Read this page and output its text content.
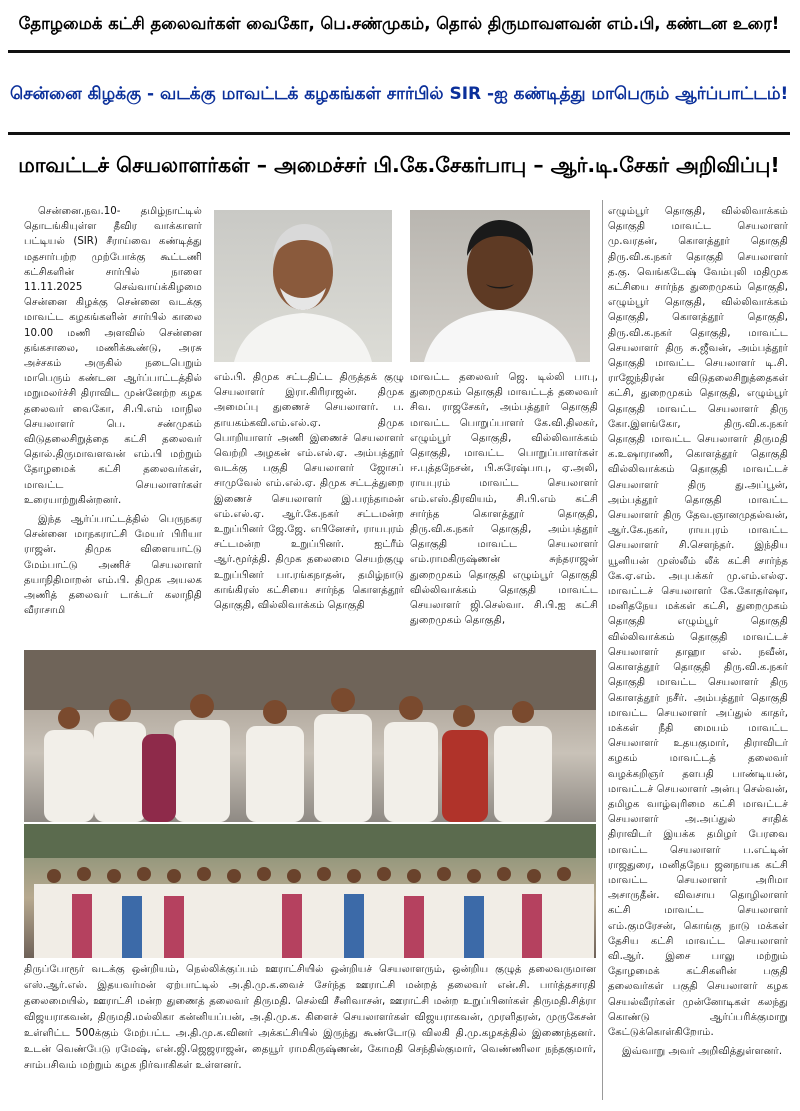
தோழமைக் கட்சி தலைவர்கள் வைகோ, பெ.சண்முகம், தொல் திருமாவளவன் எம்.பி, கண்டன உரை!
சென்னை கிழக்கு - வடக்கு மாவட்டக் கழகங்கள் சார்பில் SIR -ஐ கண்டித்து மாபெரும் ஆர்ப்பாட்டம்!
மாவட்டச் செயலாளர்கள் – அமைச்சர் பி.கே.சேகர்பாபு – ஆர்.டி.சேகர் அறிவிப்பு!

சென்னை.நவ.10- தமிழ்நாட்டில் தொடங்கியுள்ள தீவிர வாக்காளர் பட்டியல் (SIR) சீராய்வை கண்டித்து மதசார்பற்ற முற்போக்கு கூட்டணி கட்சிகளின் சார்பில் நாளை 11.11.2025 செவ்வாய்க்கிழமை சென்னை கிழக்கு சென்னை வடக்கு மாவட்ட கழகங்களின் சார்பில் காலை 10.00 மணி அளவில் சென்னை தங்கசாலை, மணிக்கூண்டு, அரசு அச்சகம் அருகில் நடைபெறும் மாபெரும் கண்டன ஆர்ப்பாட்டத்தில் மறுமலர்ச்சி திராவிட முன்னேற்ற கழக தலைவர் வைகோ, சி.பி.எம் மாநில செயலாளர் பெ. சண்முகம் விடுதலைசிறுத்தை கட்சி தலைவர் தொல்.திருமாவளவன் எம்.பி மற்றும் தோழமைக் கட்சி தலைவர்கள், மாவட்ட செயலாளர்கள் உரையாற்றுகின்றனர்.

இந்த ஆர்ப்பாட்டத்தில் பெருநகர சென்னை மாநகராட்சி மேயர் பிரியா ராஜன். திமுக விளையாட்டு மேம்பாட்டு அணிச் செயலாளர் தயாநிதிமாறன் எம்.பி. திமுக அயலக அணித் தலைவர் டாக்டர் கலாநிதி வீராசாமி

எம்.பி. திமுக சட்டதிட்ட திருத்தக் குழு செயலாளர் இரா.கிரிராஜன். திமுக அமைப்பு துணைச் செயலாளர். ப. தாயகம்கவி.எம்.எல்.ஏ. திமுக பொறியாளர் அணி இணைச் செயலாளர் வெற்றி அழகன் எம்.எல்.ஏ. அம்பத்தூர் வடக்கு பகுதி செயலாளர் ஜோசப் சாமுவேல் எம்.எல்.ஏ. திமுக சட்டத்துறை இணைச் செயலாளர் இ.பரந்தாமன் எம்.எல்.ஏ. ஆர்.கே.நகர் சட்டமன்ற உறுப்பினர் ஜே.ஜே. எபினேசர், ராயபுரம் சட்டமன்ற உறுப்பினர். ஐட்ரீம் ஆர்.மூர்த்தி. திமுக தலைமை செயற்குழு உறுப்பினர் பா.ரங்கநாதன், தமிழ்நாடு காங்கிரஸ் கட்சியை சார்ந்த கொளத்தூர் தொகுதி, வில்லிவாக்கம் தொகுதி

மாவட்ட தலைவர் ஜெ. டில்லி பாபு, துறைமுகம் தொகுதி மாவட்டத் தலைவர் சிவ. ராஜசேகர், அம்பத்தூர் தொகுதி மாவட்ட பொறுப்பாளர் கே.வி.திலகர், எழும்பூர் தொகுதி, வில்லிவாக்கம் தொகுதி, மாவட்ட பொறுப்பாளர்கள் ஈ.புத்தநேசன், பி.சுரேஷ்பாபு, ஏ.அலி, ராயபுரம் மாவட்ட செயலாளர் எம்.எஸ்.திரவியம், சி.பி.எம் கட்சி சார்ந்த கொளத்தூர் தொகுதி, திரு.வி.க.நகர் தொகுதி, அம்பத்தூர் தொகுதி மாவட்ட செயலாளர் எம்.ராமகிருஷ்ணன் சுந்தராஜன் துறைமுகம் தொகுதி எழும்பூர் தொகுதி வில்லிவாக்கம் தொகுதி மாவட்ட செயலாளர் ஜி.செல்வா. சி.பி.ஐ கட்சி துறைமுகம் தொகுதி,

எழும்பூர் தொகுதி, வில்லிவாக்கம் தொகுதி மாவட்ட செயலாளர் மு.வரதன், கொளத்தூர் தொகுதி திரு.வி.க.நகர் தொகுதி செயலாளர் த.கு. வெங்கடேஷ் வேம்புலி மதிமுக கட்சியை சார்ந்த துறைமுகம் தொகுதி, எழும்பூர் தொகுதி, வில்லிவாக்கம் தொகுதி, கொளத்தூர் தொகுதி, திரு.வி.க.நகர் தொகுதி, மாவட்ட செயலாளர் திரு சு.ஜீவன், அம்பத்தூர் தொகுதி மாவட்ட செயலாளர் டி.சி. ராஜேந்திரன் விடுதலைசிறுத்தைகள் கட்சி, துறைமுகம் தொகுதி, எழும்பூர் தொகுதி மாவட்ட செயலாளர் திரு கோ.இளங்கோ, திரு.வி.க.நகர் தொகுதி மாவட்ட செயலாளர் திருமதி க.உஷாராணி, கொளத்தூர் தொகுதி வில்லிவாக்கம் தொகுதி மாவட்டச் செயலாளர் திரு து.அப்பூன், அம்பத்தூர் தொகுதி மாவட்ட செயலாளர் திரு தேவ.ஞானமுதல்வன், ஆர்.கே.நகர், ராயபுரம் மாவட்ட செயலாளர் சி.சௌந்தர். இந்திய யூனியன் முஸ்லீம் லீக் கட்சி சார்ந்த கே.ஏ.எம். அபுபக்கர் மு.எம்.எல்ஏ. மாவட்டச் செயலாளர் கே.கோதர்ஷா, மனிதநேய மக்கள் கட்சி, துறைமுகம் தொகுதி எழும்பூர் தொகுதி வில்லிவாக்கம் தொகுதி மாவட்டச் செயலாளர் தாஹா எல். நவீன், கொளத்தூர் தொகுதி திரு.வி.க.நகர் தொகுதி மாவட்ட செயலாளர் திரு கொளத்தூர் நசீர். அம்பத்தூர் தொகுதி மாவட்ட செயலாளர் அப்துல் காதர், மக்கள் நீதி மையம் மாவட்ட செயலாளர் உதயகுமார், திராவிடர் கழகம் மாவட்டத் தலைவர் வழக்கறிஞர் தளபதி பாண்டியன், மாவட்டச் செயலாளர் அன்பு செல்வன், தமிழக வாழ்வுரிமை கட்சி மாவட்டச் செயலாளர் அ.அப்துல் சாதிக் திராவிடர் இயக்க தமிழர் பேரவை மாவட்ட செயலாளர் ப.எட்டின் ராஜதுரை, மனிதநேய ஜனநாயக கட்சி மாவட்ட செயலாளர் அரிமா அசாருதீன். விவசாய தொழிலாளர் கட்சி மாவட்ட செயலாளர் எம்.குமரேசன், கொங்கு நாடு மக்கள் தேசிய கட்சி மாவட்ட செயலாளர் வி.ஆர். இசை பாலு மற்றும் தோழமைக் கட்சிகளின் பகுதி தலைவர்கள் பகுதி செயலாளர் கழக செயல்வீரர்கள் முன்னோடிகள் கலந்து கொண்டு ஆர்ப்பரிக்குமாறு கேட்டுக்கொள்கிறோம்.

இவ்வாறு அவர் அறிவித்துள்ளனர்.

திருப்போரூர் வடக்கு ஒன்றியம், நெல்லிக்குப்பம் ஊராட்சியில் ஒன்றியச் செயலாளரும், ஒன்றிய குழுத் தலைவருமான எஸ்.ஆர்.எல். இதயவர்மன் ஏற்பாட்டில் அ.தி.மு.க.வைச் சேர்ந்த ஊராட்சி மன்றத் தலைவர் என்.சி. பார்த்தசாரதி தலைமையில், ஊராட்சி மன்ற துணைத் தலைவர் திருமதி. செல்வி சீனிவாசன், ஊராட்சி மன்ற உறுப்பினர்கள் திருமதி.சித்ரா விஜயராகவன், திருமதி.மல்லிகா கன்னியப்பன், அ.தி.மு.க. கிளைச் செயலாளர்கள் விஜயராகவன், முரளிதரன், முருகேசன் உள்ளிட்ட 500க்கும் மேற்பட்ட அ.தி.மு.க.வினர் அக்கட்சியில் இருந்து கூண்டோடு விலகி தி.மு.கழகத்தில் இணைந்தனர். உடன் வெண்பேடு ரமேஷ், என்.ஜி.ஜெஜராஜன், தையூர் ராமகிருஷ்ணன், கோமதி செந்தில்குமார், வெண்ணிலா நந்தகுமார், சாம்பசிவம் மற்றும் கழக நிர்வாகிகள் உள்ளனர்.
